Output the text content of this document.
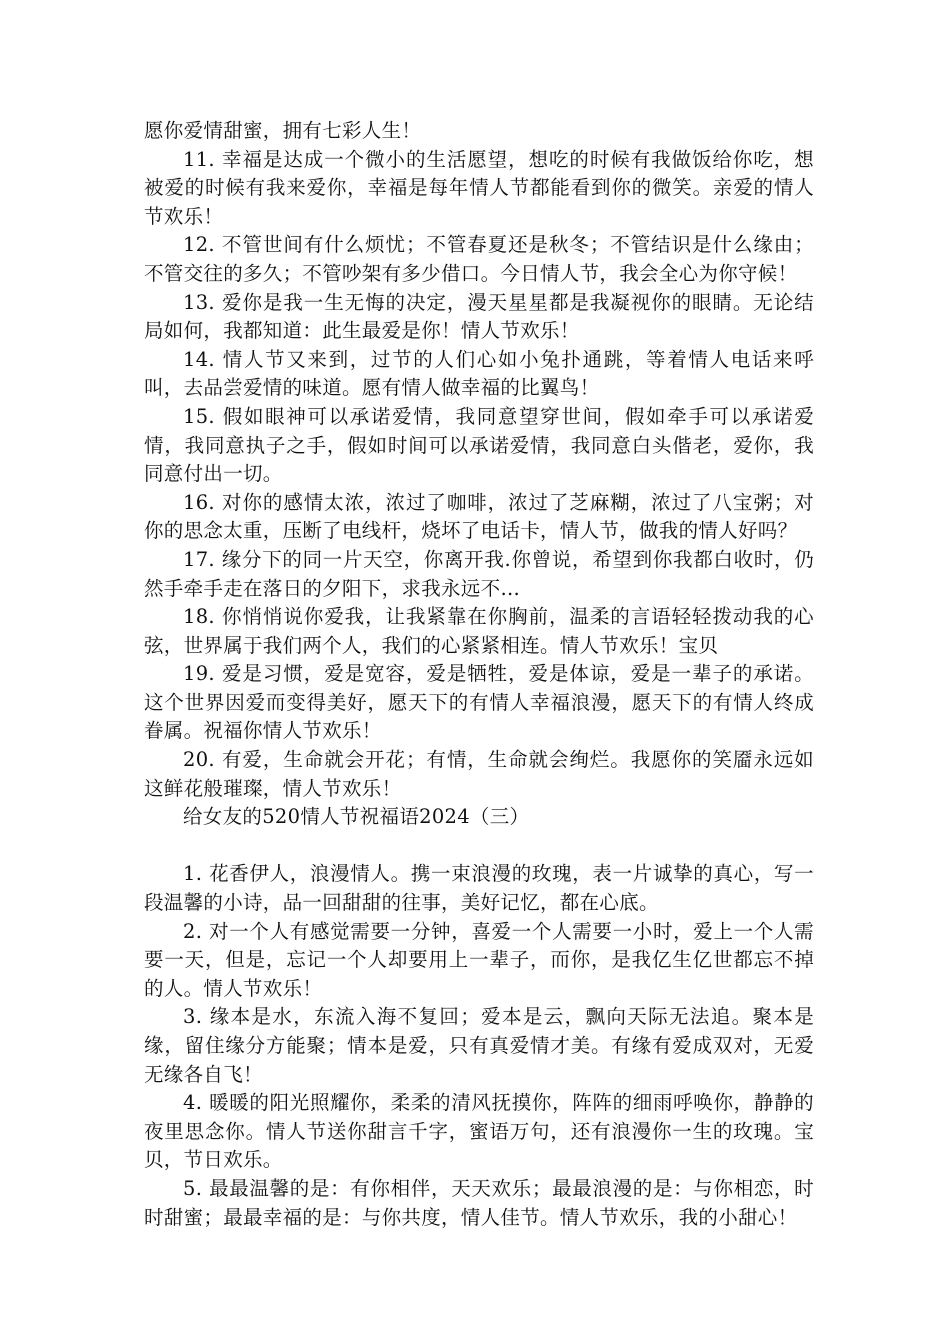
愿你爱情甜蜜，拥有七彩人生！

11. 幸福是达成一个微小的生活愿望，想吃的时候有我做饭给你吃，想被爱的时候有我来爱你，幸福是每年情人节都能看到你的微笑。亲爱的情人节欢乐！

12. 不管世间有什么烦忧；不管春夏还是秋冬；不管结识是什么缘由；不管交往的多久；不管吵架有多少借口。今日情人节，我会全心为你守候！

13. 爱你是我一生无悔的决定，漫天星星都是我凝视你的眼睛。无论结局如何，我都知道：此生最爱是你！情人节欢乐！

14. 情人节又来到，过节的人们心如小兔扑通跳，等着情人电话来呼叫，去品尝爱情的味道。愿有情人做幸福的比翼鸟！

15. 假如眼神可以承诺爱情，我同意望穿世间，假如牵手可以承诺爱情，我同意执子之手，假如时间可以承诺爱情，我同意白头偕老，爱你，我同意付出一切。

16. 对你的感情太浓，浓过了咖啡，浓过了芝麻糊，浓过了八宝粥；对你的思念太重，压断了电线杆，烧坏了电话卡，情人节，做我的情人好吗？

17. 缘分下的同一片天空，你离开我.你曾说，希望到你我都白收时，仍然手牵手走在落日的夕阳下，求我永远不…

18. 你悄悄说你爱我，让我紧靠在你胸前，温柔的言语轻轻拨动我的心弦，世界属于我们两个人，我们的心紧紧相连。情人节欢乐！宝贝

19. 爱是习惯，爱是宽容，爱是牺牲，爱是体谅，爱是一辈子的承诺。这个世界因爱而变得美好，愿天下的有情人幸福浪漫，愿天下的有情人终成眷属。祝福你情人节欢乐！

20. 有爱，生命就会开花；有情，生命就会绚烂。我愿你的笑靥永远如这鲜花般璀璨，情人节欢乐！

给女友的520情人节祝福语2024（三）

1. 花香伊人，浪漫情人。携一束浪漫的玫瑰，表一片诚挚的真心，写一段温馨的小诗，品一回甜甜的往事，美好记忆，都在心底。

2. 对一个人有感觉需要一分钟，喜爱一个人需要一小时，爱上一个人需要一天，但是，忘记一个人却要用上一辈子，而你，是我亿生亿世都忘不掉的人。情人节欢乐！

3. 缘本是水，东流入海不复回；爱本是云，飘向天际无法追。聚本是缘，留住缘分方能聚；情本是爱，只有真爱情才美。有缘有爱成双对，无爱无缘各自飞！

4. 暖暖的阳光照耀你，柔柔的清风抚摸你，阵阵的细雨呼唤你，静静的夜里思念你。情人节送你甜言千字，蜜语万句，还有浪漫你一生的玫瑰。宝贝，节日欢乐。

5. 最最温馨的是：有你相伴，天天欢乐；最最浪漫的是：与你相恋，时时甜蜜；最最幸福的是：与你共度，情人佳节。情人节欢乐，我的小甜心！
